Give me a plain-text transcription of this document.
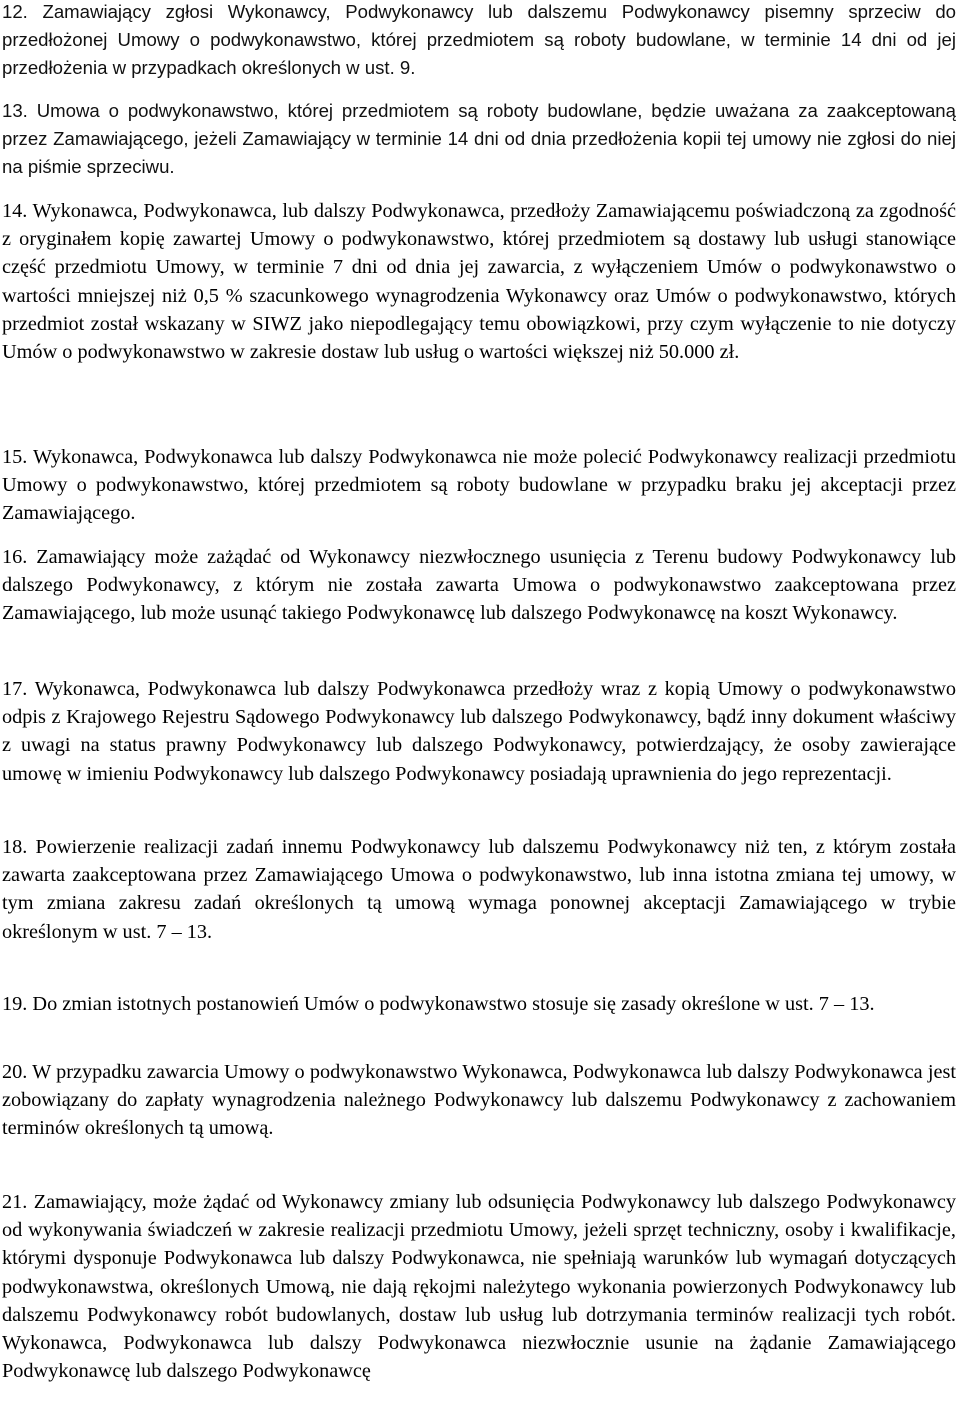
12. Zamawiający zgłosi Wykonawcy, Podwykonawcy lub dalszemu Podwykonawcy pisemny sprzeciw do przedłożonej Umowy o podwykonawstwo, której przedmiotem są roboty budowlane, w terminie 14 dni od jej przedłożenia w przypadkach określonych w ust. 9.

13. Umowa o podwykonawstwo, której przedmiotem są roboty budowlane, będzie uważana za zaakceptowaną przez Zamawiającego, jeżeli Zamawiający w terminie 14 dni od dnia przedłożenia kopii tej umowy nie zgłosi do niej na piśmie sprzeciwu.

14. Wykonawca, Podwykonawca, lub dalszy Podwykonawca, przedłoży Zamawiającemu poświadczoną za zgodność z oryginałem kopię zawartej Umowy o podwykonawstwo, której przedmiotem są dostawy lub usługi stanowiące część przedmiotu Umowy, w terminie 7 dni od dnia jej zawarcia, z wyłączeniem Umów o podwykonawstwo o wartości mniejszej niż 0,5 % szacunkowego wynagrodzenia Wykonawcy oraz Umów o podwykonawstwo, których przedmiot został wskazany w SIWZ jako niepodlegający temu obowiązkowi, przy czym wyłączenie to nie dotyczy Umów o podwykonawstwo w zakresie dostaw lub usług o wartości większej niż 50.000 zł.

15. Wykonawca, Podwykonawca lub dalszy Podwykonawca nie może polecić Podwykonawcy realizacji przedmiotu Umowy o podwykonawstwo, której przedmiotem są roboty budowlane w przypadku braku jej akceptacji przez Zamawiającego.

16. Zamawiający może zażądać od Wykonawcy niezwłocznego usunięcia z Terenu budowy Podwykonawcy lub dalszego Podwykonawcy, z którym nie została zawarta Umowa o podwykonawstwo zaakceptowana przez Zamawiającego, lub może usunąć takiego Podwykonawcę lub dalszego Podwykonawcę na koszt Wykonawcy.

17. Wykonawca, Podwykonawca lub dalszy Podwykonawca przedłoży wraz z kopią Umowy o podwykonawstwo odpis z Krajowego Rejestru Sądowego Podwykonawcy lub dalszego Podwykonawcy, bądź inny dokument właściwy z uwagi na status prawny Podwykonawcy lub dalszego Podwykonawcy, potwierdzający, że osoby zawierające umowę w imieniu Podwykonawcy lub dalszego Podwykonawcy posiadają uprawnienia do jego reprezentacji.

18. Powierzenie realizacji zadań innemu Podwykonawcy lub dalszemu Podwykonawcy niż ten, z którym została zawarta zaakceptowana przez Zamawiającego Umowa o podwykonawstwo, lub inna istotna zmiana tej umowy, w tym zmiana zakresu zadań określonych tą umową wymaga ponownej akceptacji Zamawiającego w trybie określonym w ust. 7 – 13.

19. Do zmian istotnych postanowień Umów o podwykonawstwo stosuje się zasady określone w ust. 7 – 13.

20. W przypadku zawarcia Umowy o podwykonawstwo Wykonawca, Podwykonawca lub dalszy Podwykonawca jest zobowiązany do zapłaty wynagrodzenia należnego Podwykonawcy lub dalszemu Podwykonawcy z zachowaniem terminów określonych tą umową.

21. Zamawiający, może żądać od Wykonawcy zmiany lub odsunięcia Podwykonawcy lub dalszego Podwykonawcy od wykonywania świadczeń w zakresie realizacji przedmiotu Umowy, jeżeli sprzęt techniczny, osoby i kwalifikacje, którymi dysponuje Podwykonawca lub dalszy Podwykonawca, nie spełniają warunków lub wymagań dotyczących podwykonawstwa, określonych Umową, nie dają rękojmi należytego wykonania powierzonych Podwykonawcy lub dalszemu Podwykonawcy robót budowlanych, dostaw lub usług lub dotrzymania terminów realizacji tych robót. Wykonawca, Podwykonawca lub dalszy Podwykonawca niezwłocznie usunie na żądanie Zamawiającego Podwykonawcę lub dalszego Podwykonawcę
